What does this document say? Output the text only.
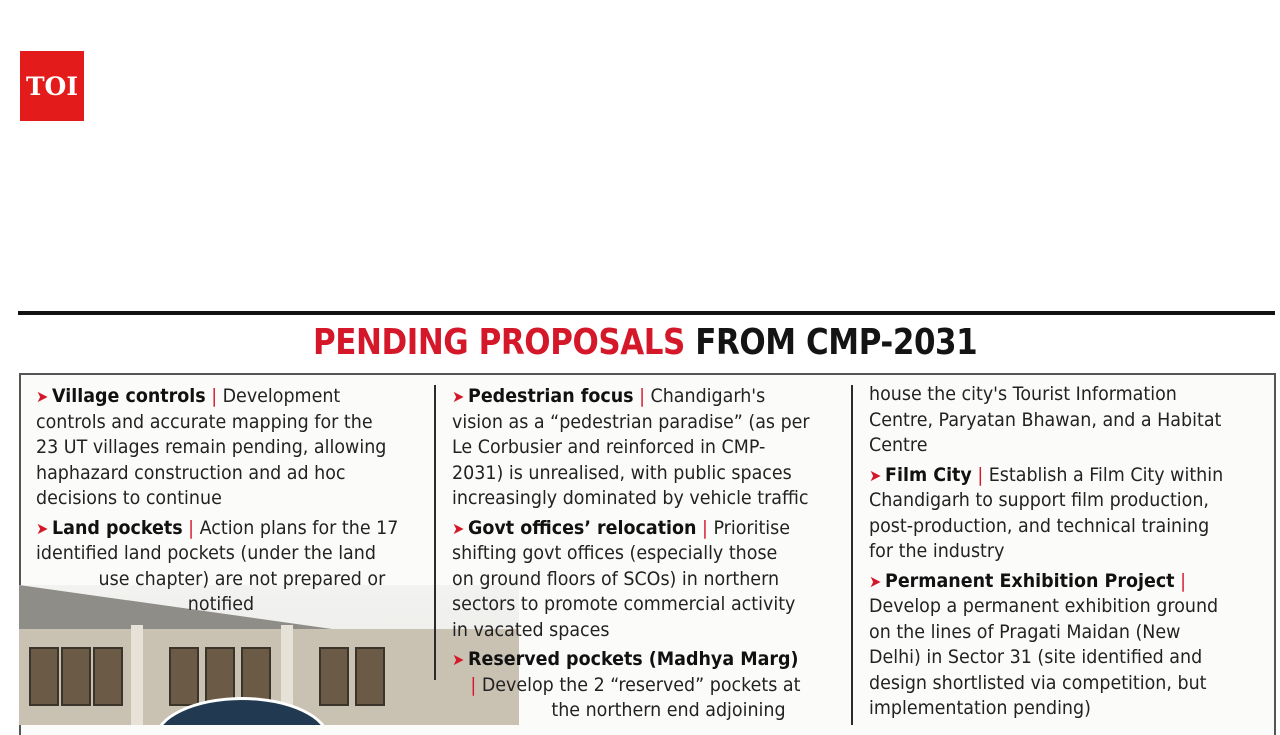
TOI
PENDING PROPOSALS FROM CMP-2031
➤ Village controls | Development
controls and accurate mapping for the
23 UT villages remain pending, allowing
haphazard construction and ad hoc
decisions to continue
➤ Land pockets | Action plans for the 17
identified land pockets (under the land
use chapter) are not prepared or
notified
➤ Pedestrian focus | Chandigarh's
vision as a “pedestrian paradise” (as per
Le Corbusier and reinforced in CMP-
2031) is unrealised, with public spaces
increasingly dominated by vehicle traffic
➤ Govt offices’ relocation | Prioritise
shifting govt offices (especially those
on ground floors of SCOs) in northern
sectors to promote commercial activity
in vacated spaces
➤ Reserved pockets (Madhya Marg)
| Develop the 2 “reserved” pockets at
the northern end adjoining
house the city's Tourist Information
Centre, Paryatan Bhawan, and a Habitat
Centre
➤ Film City | Establish a Film City within
Chandigarh to support film production,
post-production, and technical training
for the industry
➤ Permanent Exhibition Project |
Develop a permanent exhibition ground
on the lines of Pragati Maidan (New
Delhi) in Sector 31 (site identified and
design shortlisted via competition, but
implementation pending)
